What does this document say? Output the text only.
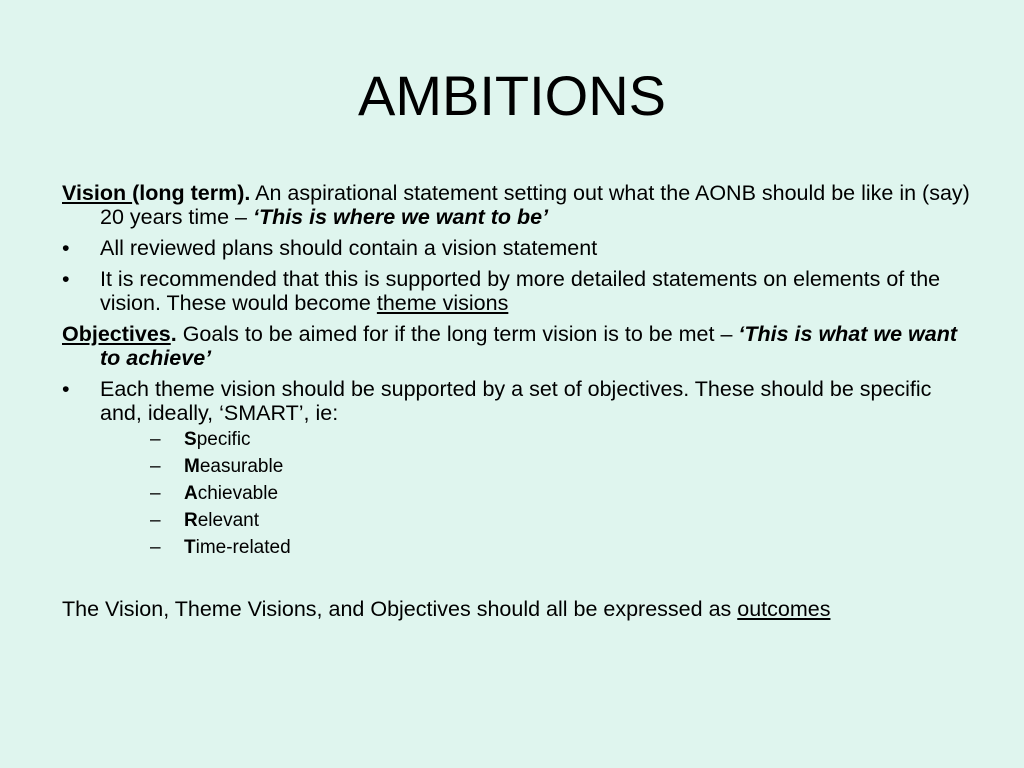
AMBITIONS

Vision (long term). An aspirational statement setting out what the AONB should be like in (say) 20 years time – ‘This is where we want to be’

• All reviewed plans should contain a vision statement
• It is recommended that this is supported by more detailed statements on elements of the vision. These would become theme visions

Objectives. Goals to be aimed for if the long term vision is to be met – ‘This is what we want to achieve’

• Each theme vision should be supported by a set of objectives. These should be specific and, ideally, ‘SMART’, ie:
– Specific
– Measurable
– Achievable
– Relevant
– Time-related
The Vision, Theme Visions, and Objectives should all be expressed as outcomes
